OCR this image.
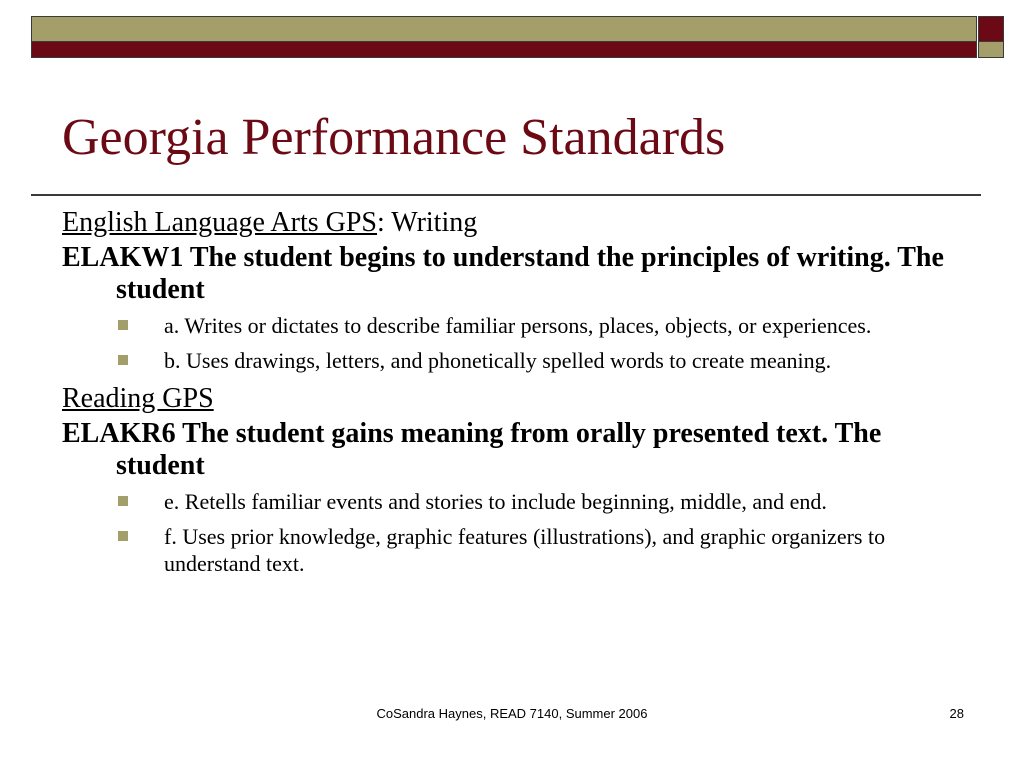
Georgia Performance Standards
English Language Arts GPS: Writing
ELAKW1 The student begins to understand the principles of writing. The student
a. Writes or dictates to describe familiar persons, places, objects, or experiences.
b. Uses drawings, letters, and phonetically spelled words to create meaning.
Reading GPS
ELAKR6 The student gains meaning from orally presented text. The student
e. Retells familiar events and stories to include beginning, middle, and end.
f. Uses prior knowledge, graphic features (illustrations), and graphic organizers to understand text.
CoSandra Haynes, READ 7140, Summer 2006	28
